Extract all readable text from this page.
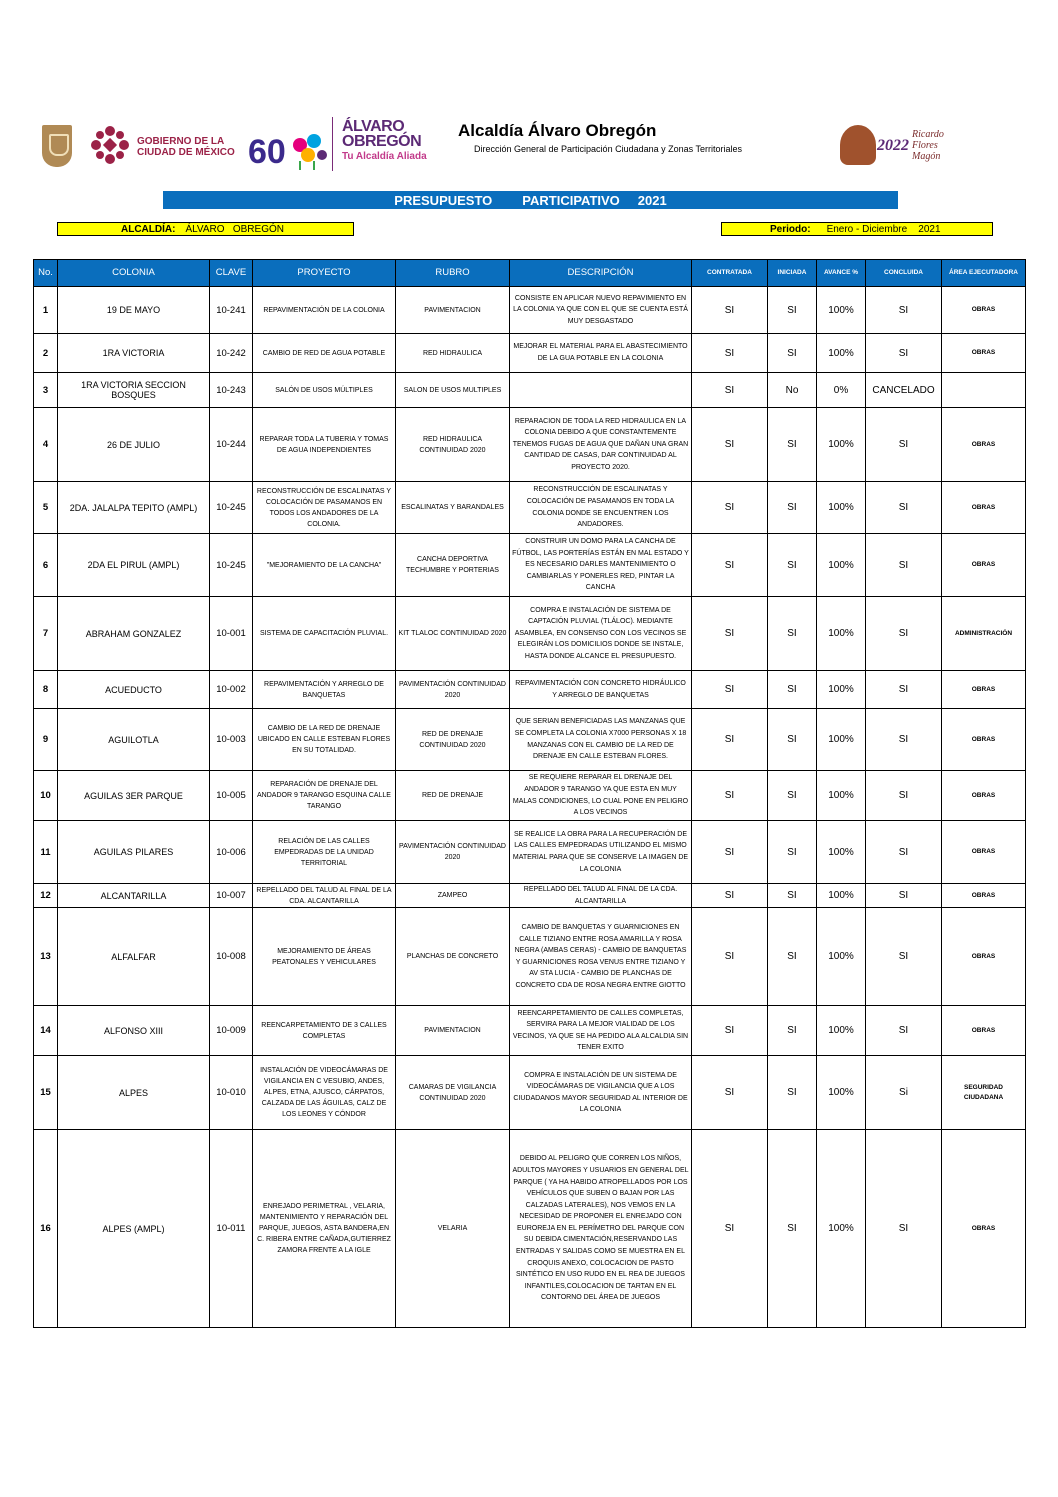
GOBIERNO DE LA
CIUDAD DE MÉXICO 60
ÁLVARO
OBREGÓN
Tu Alcaldía Aliada
Alcaldía Álvaro Obregón
Dirección General de Participación Ciudadana y Zonas Territoriales	2022
Ricardo
Flores
Magón
PRESUPUESTO PARTICIPATIVO 2021
ALCALDÍA: ÁLVARO   OBREGÓN	Periodo: Enero - Diciembre    2021
No.	COLONIA	CLAVE	PROYECTO	RUBRO	DESCRIPCIÓN	CONTRATADA	INICIADA	AVANCE %	CONCLUIDA	ÁREA EJECUTADORA
1	19 DE MAYO	10-241	REPAVIMENTACIÓN DE LA COLONIA	PAVIMENTACION	CONSISTE EN APLICAR NUEVO REPAVIMIENTO EN LA COLONIA YA QUE CON EL QUE SE CUENTA ESTÁ MUY DESGASTADO	SI	SI	100%	SI	OBRAS
2	1RA VICTORIA	10-242	CAMBIO DE RED DE AGUA POTABLE	RED HIDRAULICA	MEJORAR EL MATERIAL PARA EL ABASTECIMIENTO DE LA GUA POTABLE EN LA COLONIA	SI	SI	100%	SI	OBRAS
3	1RA VICTORIA SECCION BOSQUES	10-243	SALÓN DE USOS MÚLTIPLES	SALON DE USOS MULTIPLES		SI	No	0%	CANCELADO	
4	26 DE JULIO	10-244	REPARAR TODA LA TUBERIA Y TOMAS DE AGUA INDEPENDIENTES	RED HIDRAULICA CONTINUIDAD 2020	REPARACION DE TODA LA RED HIDRAULICA EN LA COLONIA DEBIDO A QUE CONSTANTEMENTE TENEMOS FUGAS DE AGUA QUE DAÑAN UNA GRAN CANTIDAD DE CASAS, DAR CONTINUIDAD AL PROYECTO 2020.	SI	SI	100%	SI	OBRAS
5	2DA. JALALPA TEPITO (AMPL)	10-245	RECONSTRUCCIÓN DE ESCALINATAS Y COLOCACIÓN DE PASAMANOS EN TODOS LOS ANDADORES DE LA COLONIA.	ESCALINATAS Y BARANDALES	RECONSTRUCCIÓN DE ESCALINATAS Y COLOCACIÓN DE PASAMANOS EN TODA LA COLONIA DONDE SE ENCUENTREN LOS ANDADORES.	SI	SI	100%	SI	OBRAS
6	2DA EL PIRUL (AMPL)	10-245	"MEJORAMIENTO DE LA CANCHA"	CANCHA DEPORTIVA TECHUMBRE Y PORTERIAS	CONSTRUIR UN DOMO PARA LA CANCHA DE FÚTBOL, LAS PORTERÍAS ESTÁN EN MAL ESTADO Y ES NECESARIO DARLES MANTENIMIENTO O CAMBIARLAS Y PONERLES RED, PINTAR LA CANCHA	SI	SI	100%	SI	OBRAS
7	ABRAHAM GONZALEZ	10-001	SISTEMA DE CAPACITACIÓN PLUVIAL.	KIT TLALOC CONTINUIDAD 2020	COMPRA E INSTALACIÓN DE SISTEMA DE CAPTACIÓN PLUVIAL (TLÁLOC). MEDIANTE ASAMBLEA, EN CONSENSO CON LOS VECINOS SE ELEGIRÁN LOS DOMICILIOS DONDE SE INSTALE, HASTA DONDE ALCANCE EL PRESUPUESTO.	SI	SI	100%	SI	ADMINISTRACIÓN
8	ACUEDUCTO	10-002	REPAVIMENTACIÓN Y ARREGLO DE BANQUETAS	PAVIMENTACIÓN CONTINUIDAD 2020	REPAVIMENTACIÓN CON CONCRETO HIDRÁULICO Y ARREGLO DE BANQUETAS	SI	SI	100%	SI	OBRAS
9	AGUILOTLA	10-003	CAMBIO DE LA RED DE DRENAJE UBICADO EN CALLE ESTEBAN FLORES EN SU TOTALIDAD.	RED DE DRENAJE CONTINUIDAD 2020	QUE SERIAN BENEFICIADAS LAS MANZANAS QUE SE COMPLETA LA COLONIA X7000 PERSONAS X 18 MANZANAS CON EL CAMBIO DE LA RED DE DRENAJE EN CALLE ESTEBAN FLORES.	SI	SI	100%	SI	OBRAS
10	AGUILAS 3ER PARQUE	10-005	REPARACIÓN DE DRENAJE DEL ANDADOR 9 TARANGO ESQUINA CALLE TARANGO	RED DE DRENAJE	SE REQUIERE REPARAR EL DRENAJE DEL ANDADOR 9 TARANGO YA QUE ESTA EN MUY MALAS CONDICIONES, LO CUAL PONE EN PELIGRO A LOS VECINOS	SI	SI	100%	SI	OBRAS
11	AGUILAS PILARES	10-006	RELACIÓN DE LAS CALLES EMPEDRADAS DE LA UNIDAD TERRITORIAL	PAVIMENTACIÓN CONTINUIDAD 2020	SE REALICE LA OBRA PARA LA RECUPERACIÓN DE LAS CALLES EMPEDRADAS UTILIZANDO EL MISMO MATERIAL PARA QUE SE CONSERVE LA IMAGEN DE LA COLONIA	SI	SI	100%	SI	OBRAS
12	ALCANTARILLA	10-007	REPELLADO DEL TALUD AL FINAL DE LA CDA. ALCANTARILLA	ZAMPEO	REPELLADO DEL TALUD AL FINAL DE LA CDA. ALCANTARILLA	SI	SI	100%	SI	OBRAS
13	ALFALFAR	10-008	MEJORAMIENTO DE ÁREAS PEATONALES Y VEHICULARES	PLANCHAS DE CONCRETO	CAMBIO DE BANQUETAS Y GUARNICIONES EN CALLE TIZIANO ENTRE ROSA AMARILLA Y ROSA NEGRA (AMBAS CERAS) - CAMBIO DE BANQUETAS Y GUARNICIONES ROSA VENUS ENTRE TIZIANO Y AV STA LUCIA - CAMBIO DE PLANCHAS DE CONCRETO CDA DE ROSA NEGRA ENTRE GIOTTO	SI	SI	100%	SI	OBRAS
14	ALFONSO XIII	10-009	REENCARPETAMIENTO DE 3 CALLES COMPLETAS	PAVIMENTACION	REENCARPETAMIENTO DE CALLES COMPLETAS, SERVIRA PARA LA MEJOR VIALIDAD DE LOS VECINOS, YA QUE SE HA PEDIDO ALA ALCALDIA SIN TENER EXITO	SI	SI	100%	SI	OBRAS
15	ALPES	10-010	INSTALACIÓN DE VIDEOCÁMARAS DE VIGILANCIA EN C VESUBIO, ANDES, ALPES, ETNA, AJUSCO, CÁRPATOS, CALZADA DE LAS ÁGUILAS, CALZ DE LOS LEONES Y CÓNDOR	CAMARAS DE VIGILANCIA CONTINUIDAD 2020	COMPRA E INSTALACIÓN DE UN SISTEMA DE VIDEOCÁMARAS DE VIGILANCIA QUE A LOS CIUDADANOS MAYOR SEGURIDAD AL INTERIOR DE LA COLONIA	SI	SI	100%	Si	SEGURIDAD CIUDADANA
16	ALPES (AMPL)	10-011	ENREJADO PERIMETRAL , VELARIA, MANTENIMIENTO Y REPARACIÓN DEL PARQUE, JUEGOS, ASTA BANDERA,EN C. RIBERA ENTRE CAÑADA,GUTIERREZ ZAMORA FRENTE A LA IGLE	VELARIA	DEBIDO AL PELIGRO QUE CORREN LOS NIÑOS, ADULTOS MAYORES Y USUARIOS EN GENERAL DEL PARQUE ( YA HA HABIDO ATROPELLADOS POR LOS VEHÍCULOS QUE SUBEN O BAJAN POR LAS CALZADAS LATERALES), NOS VEMOS EN LA NECESIDAD DE PROPONER EL ENREJADO CON EUROREJA EN EL PERÍMETRO DEL PARQUE CON SU DEBIDA CIMENTACIÓN,RESERVANDO LAS ENTRADAS Y SALIDAS COMO SE MUESTRA EN EL CROQUIS ANEXO, COLOCACION DE PASTO SINTÉTICO EN USO RUDO EN EL REA DE JUEGOS INFANTILES,COLOCACION DE TARTAN EN EL CONTORNO DEL ÁREA DE JUEGOS	SI	SI	100%	SI	OBRAS
